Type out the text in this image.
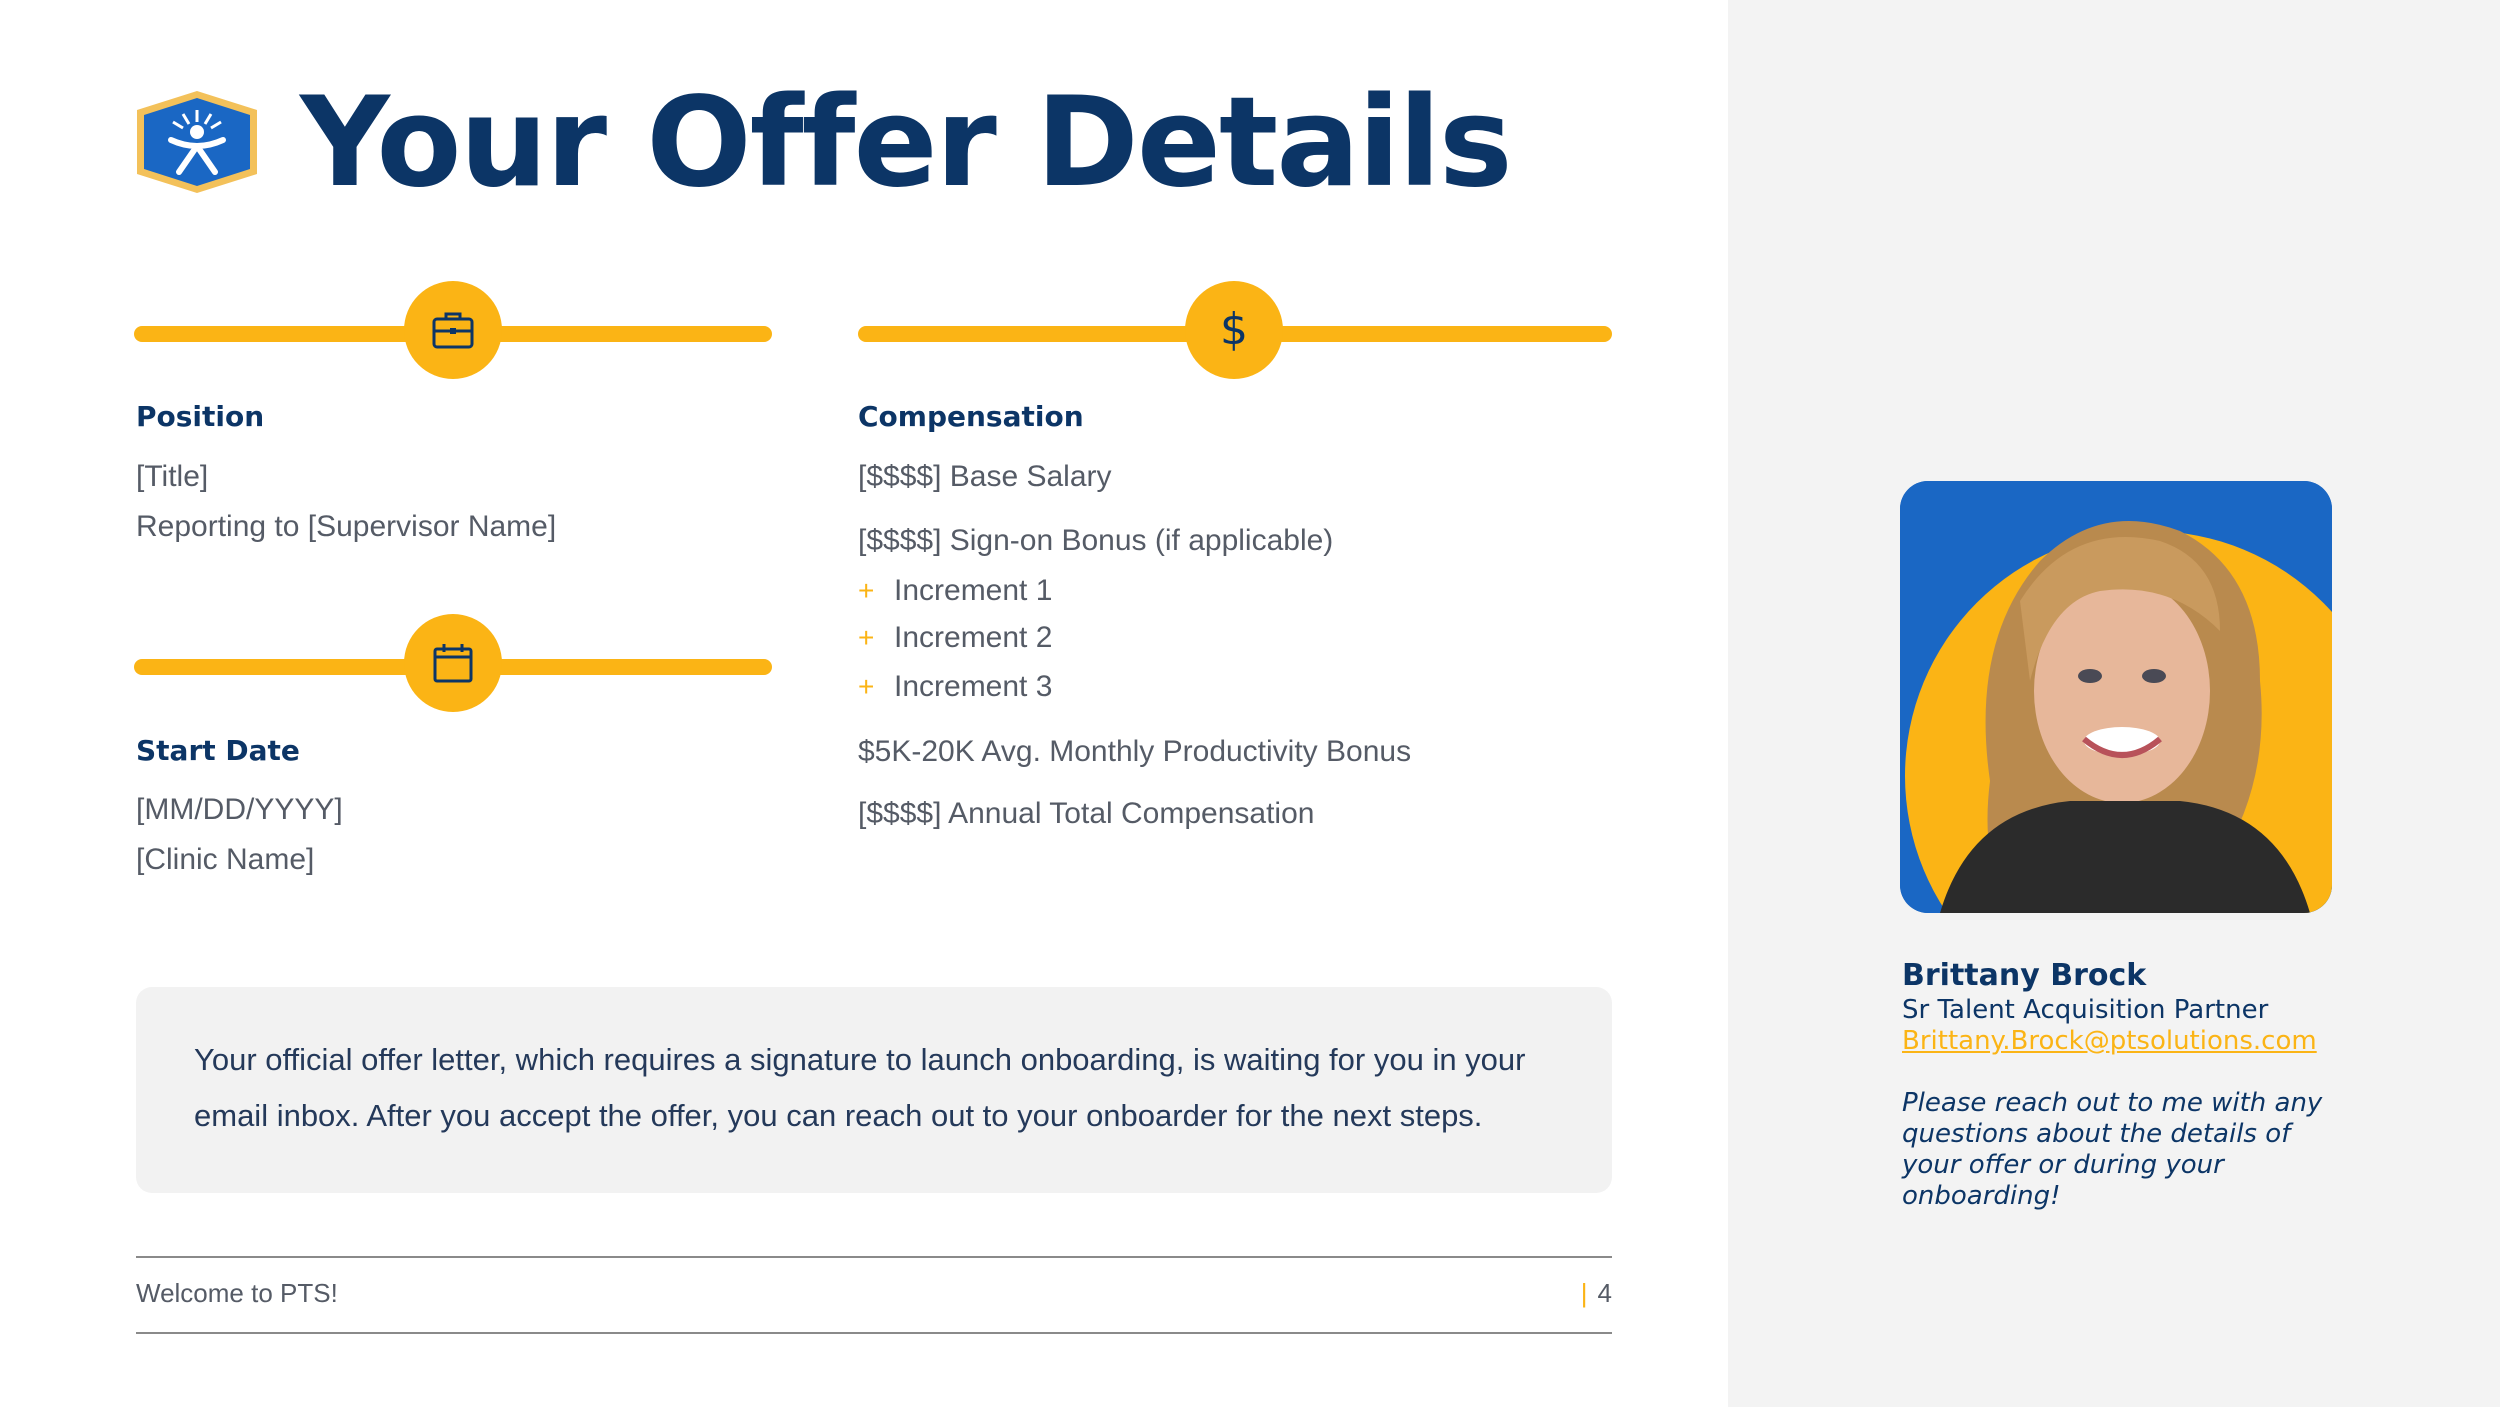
Your Offer Details

Position

[Title]

Reporting to [Supervisor Name]

Start Date

[MM/DD/YYYY]

[Clinic Name]

$

Compensation

[$$$$] Base Salary

[$$$$] Sign-on Bonus (if applicable)

+ Increment 1

+ Increment 2

+ Increment 3

$5K-20K Avg. Monthly Productivity Bonus

[$$$$] Annual Total Compensation

Your official offer letter, which requires a signature to launch onboarding, is waiting for you in your email inbox. After you accept the offer, you can reach out to your onboarder for the next steps.

Welcome to PTS!	| 4

Brittany Brock

Sr Talent Acquisition Partner

Brittany.Brock@ptsolutions.com

Please reach out to me with any questions about the details of your offer or during your onboarding!
